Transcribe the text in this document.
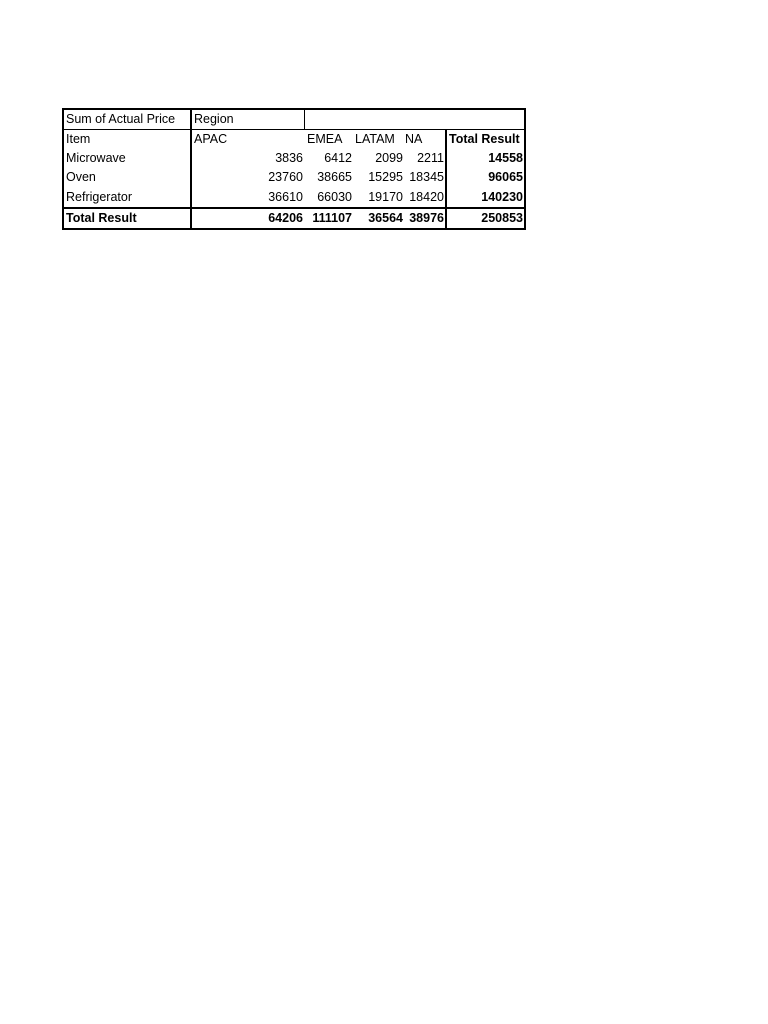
Sum of Actual Price	Region				
Item	APAC	EMEA	LATAM	NA	Total Result
Microwave	3836	6412	2099	2211	14558
Oven	23760	38665	15295	18345	96065
Refrigerator	36610	66030	19170	18420	140230
Total Result	64206	111107	36564	38976	250853
